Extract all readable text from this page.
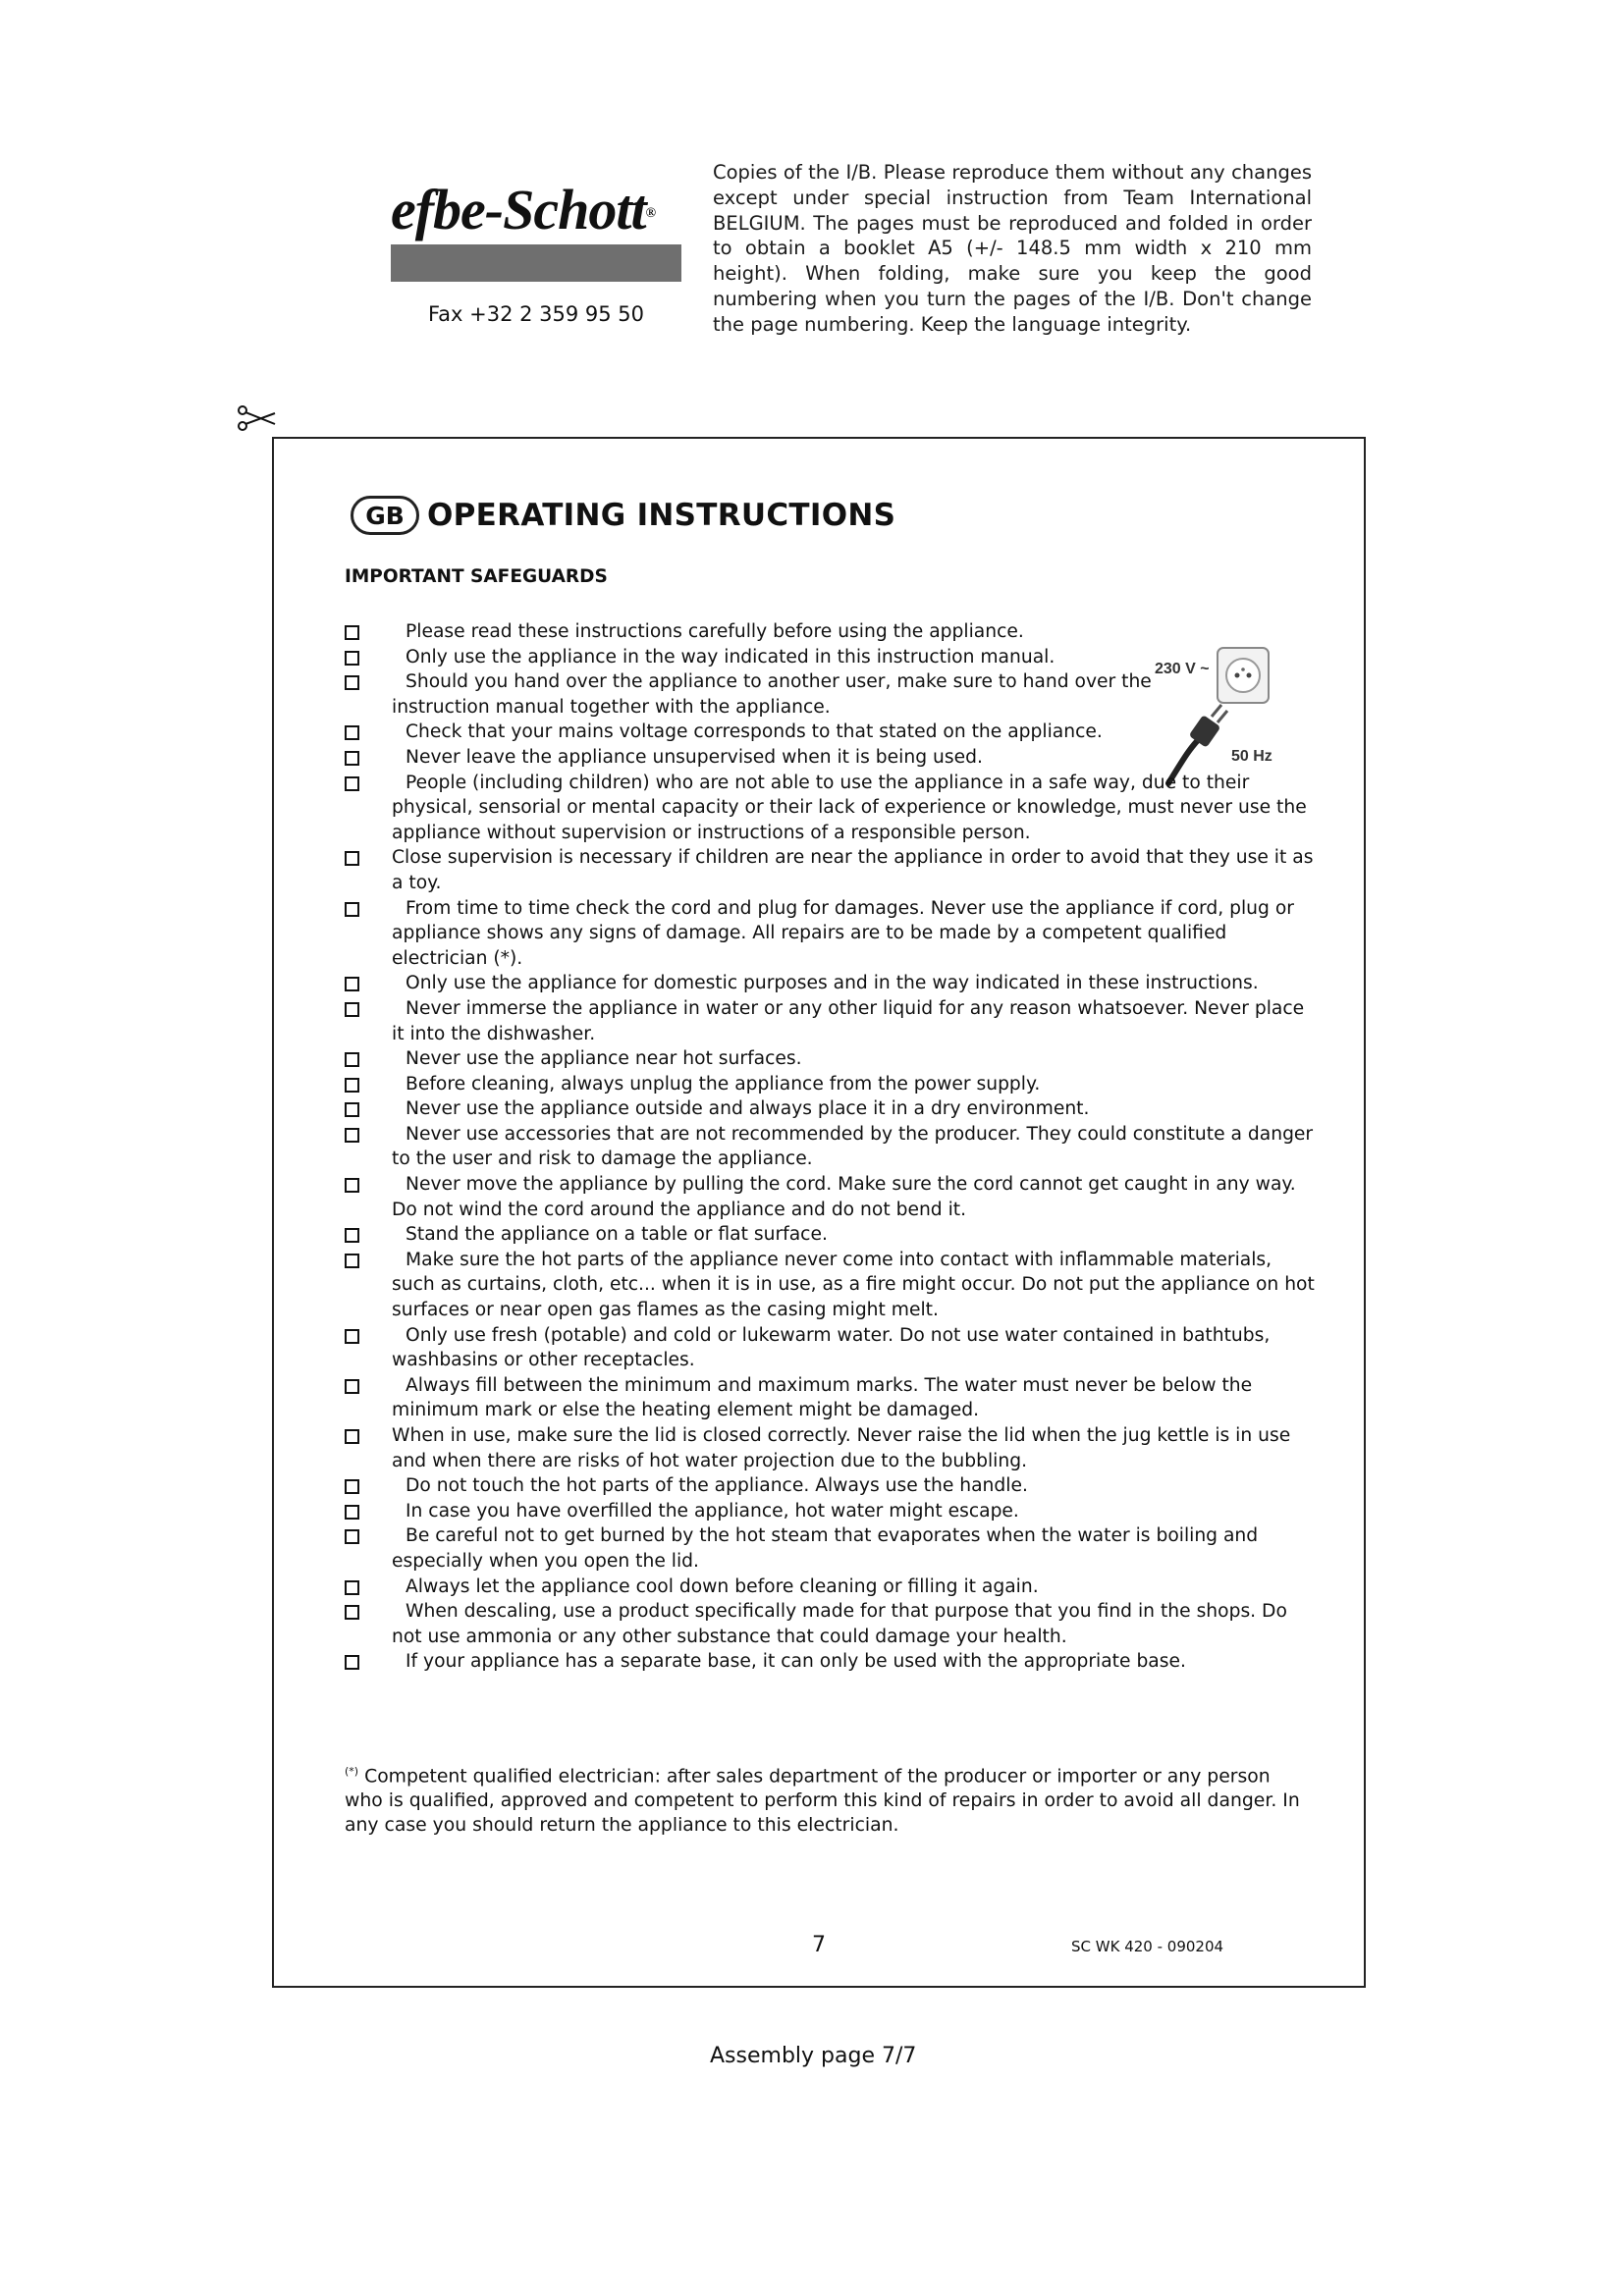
efbe-Schott®
Fax +32 2 359 95 50
Copies of the I/B. Please reproduce them without any changes except under special instruction from Team International BELGIUM. The pages must be reproduced and folded in order to obtain a booklet A5 (+/- 148.5 mm width x 210 mm height). When folding, make sure you keep the good numbering when you turn the pages of the I/B. Don't change the page numbering. Keep the language integrity.
GB OPERATING INSTRUCTIONS
IMPORTANT SAFEGUARDS
230 V ~
50 Hz
Please read these instructions carefully before using the appliance.
Only use the appliance in the way indicated in this instruction manual.
Should you hand over the appliance to another user, make sure to hand over the instruction manual together with the appliance.
Check that your mains voltage corresponds to that stated on the appliance.
Never leave the appliance unsupervised when it is being used.
People (including children) who are not able to use the appliance in a safe way, due to their physical, sensorial or mental capacity or their lack of experience or knowledge, must never use the appliance without supervision or instructions of a responsible person.
Close supervision is necessary if children are near the appliance in order to avoid that they use it as a toy.
From time to time check the cord and plug for damages. Never use the appliance if cord, plug or appliance shows any signs of damage. All repairs are to be made by a competent qualified electrician (*).
Only use the appliance for domestic purposes and in the way indicated in these instructions.
Never immerse the appliance in water or any other liquid for any reason whatsoever. Never place it into the dishwasher.
Never use the appliance near hot surfaces.
Before cleaning, always unplug the appliance from the power supply.
Never use the appliance outside and always place it in a dry environment.
Never use accessories that are not recommended by the producer. They could constitute a danger to the user and risk to damage the appliance.
Never move the appliance by pulling the cord. Make sure the cord cannot get caught in any way. Do not wind the cord around the appliance and do not bend it.
Stand the appliance on a table or flat surface.
Make sure the hot parts of the appliance never come into contact with inflammable materials, such as curtains, cloth, etc... when it is in use, as a fire might occur. Do not put the appliance on hot surfaces or near open gas flames as the casing might melt.
Only use fresh (potable) and cold or lukewarm water. Do not use water contained in bathtubs, washbasins or other receptacles.
Always fill between the minimum and maximum marks. The water must never be below the minimum mark or else the heating element might be damaged.
When in use, make sure the lid is closed correctly. Never raise the lid when the jug kettle is in use and when there are risks of hot water projection due to the bubbling.
Do not touch the hot parts of the appliance. Always use the handle.
In case you have overfilled the appliance, hot water might escape.
Be careful not to get burned by the hot steam that evaporates when the water is boiling and especially when you open the lid.
Always let the appliance cool down before cleaning or filling it again.
When descaling, use a product specifically made for that purpose that you find in the shops. Do not use ammonia or any other substance that could damage your health.
If your appliance has a separate base, it can only be used with the appropriate base.
(*) Competent qualified electrician: after sales department of the producer or importer or any person who is qualified, approved and competent to perform this kind of repairs in order to avoid all danger. In any case you should return the appliance to this electrician.
7	SC WK 420 - 090204
Assembly page 7/7
